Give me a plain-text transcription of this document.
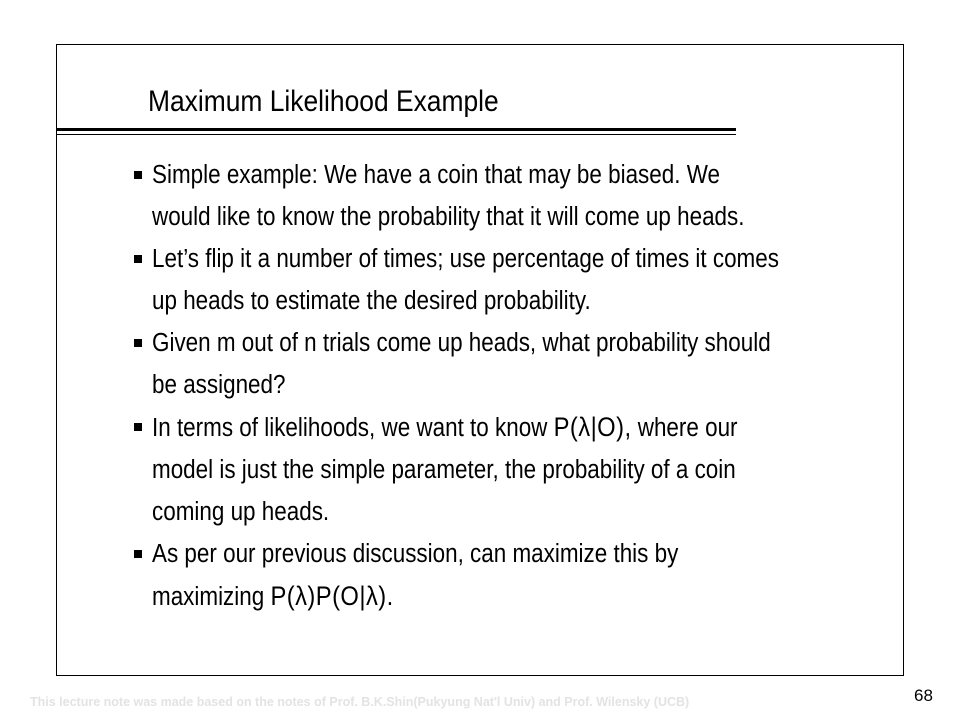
Maximum Likelihood Example
Simple example: We have a coin that may be biased. We
would like to know the probability that it will come up heads.
Let’s flip it a number of times; use percentage of times it comes
up heads to estimate the desired probability.
Given m out of n trials come up heads, what probability should
be assigned?
In terms of likelihoods, we want to know P(λ|O), where our
model is just the simple parameter, the probability of a coin
coming up heads.
As per our previous discussion, can maximize this by
maximizing P(λ)P(O|λ).
This lecture note was made based on the notes of Prof. B.K.Shin(Pukyung Nat'l Univ) and Prof. Wilensky (UCB)	68
